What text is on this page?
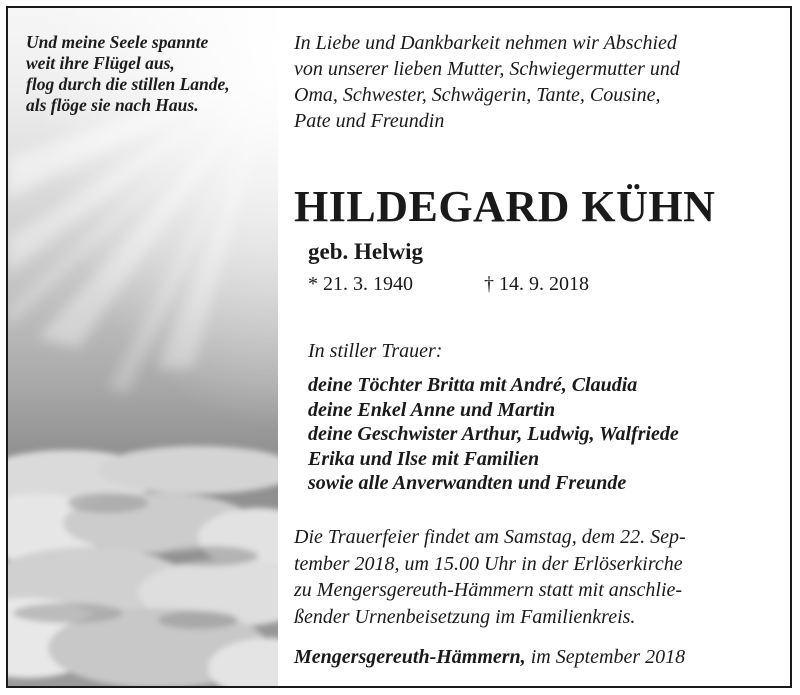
Und meine Seele spannte
weit ihre Flügel aus,
flog durch die stillen Lande,
als flöge sie nach Haus.
In Liebe und Dankbarkeit nehmen wir Abschied
von unserer lieben Mutter, Schwiegermutter und
Oma, Schwester, Schwägerin, Tante, Cousine,
Pate und Freundin
HILDEGARD KÜHN
geb. Helwig
* 21. 3. 1940	† 14. 9. 2018
In stiller Trauer:
deine Töchter Britta mit André, Claudia
deine Enkel Anne und Martin
deine Geschwister Arthur, Ludwig, Walfriede
Erika und Ilse mit Familien
sowie alle Anverwandten und Freunde
Die Trauerfeier findet am Samstag, dem 22. Sep-
tember 2018, um 15.00 Uhr in der Erlöserkirche
zu Mengersgereuth-Hämmern statt mit anschlie-
ßender Urnenbeisetzung im Familienkreis.
Mengersgereuth-Hämmern, im September 2018
